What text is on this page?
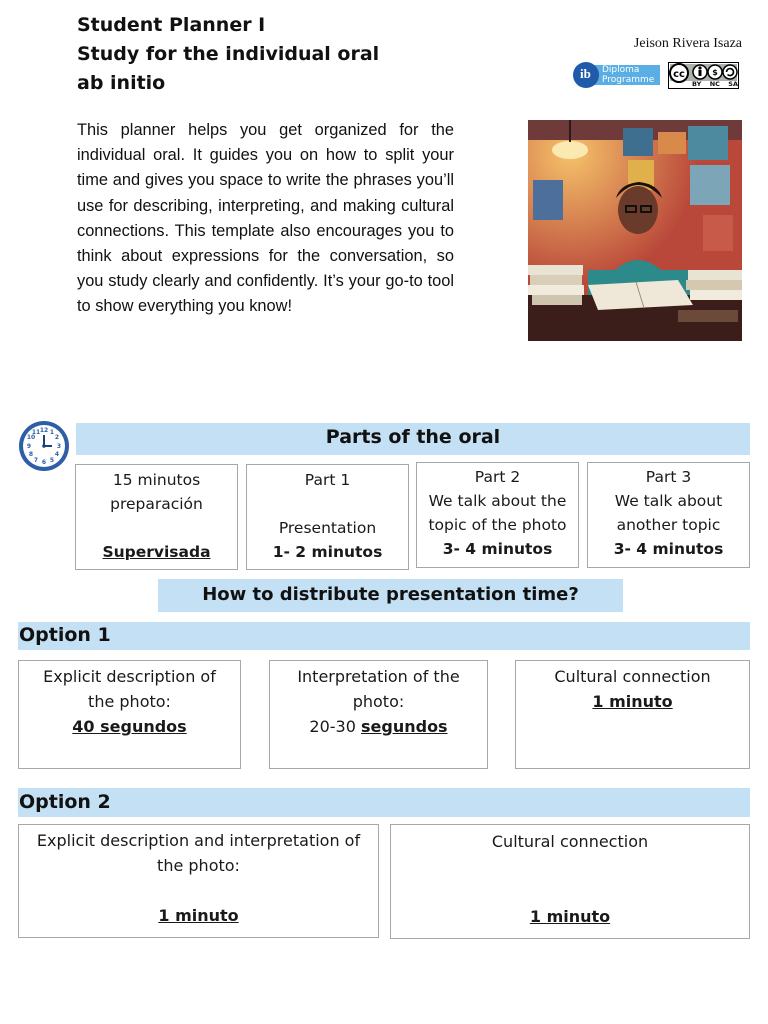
Student Planner I
Study for the individual oral
ab initio
Jeison Rivera Isaza
ib Diploma
Programme cc	$
BY NC SA
This planner helps you get organized for the individual oral. It guides you on how to split your time and gives you space to write the phrases you’ll use for describing, interpreting, and making cultural connections. This template also encourages you to think about expressions for the conversation, so you study clearly and confidently. It’s your go-to tool to show everything you know!
12 1
2
3
4
5
6
7
8
9
10
11	Parts of the oral
15 minutos
preparación
Supervisada
Part 1
Presentation
1- 2 minutos
Part 2
We talk about the
topic of the photo
3- 4 minutos
Part 3
We talk about
another topic
3- 4 minutos
How to distribute presentation time?
Option 1
Explicit description of
the photo:
40 segundos
Interpretation of the
photo:
20-30 segundos
Cultural connection
1 minuto
Option 2
Explicit description and interpretation of
the photo:
1 minuto
Cultural connection
1 minuto
